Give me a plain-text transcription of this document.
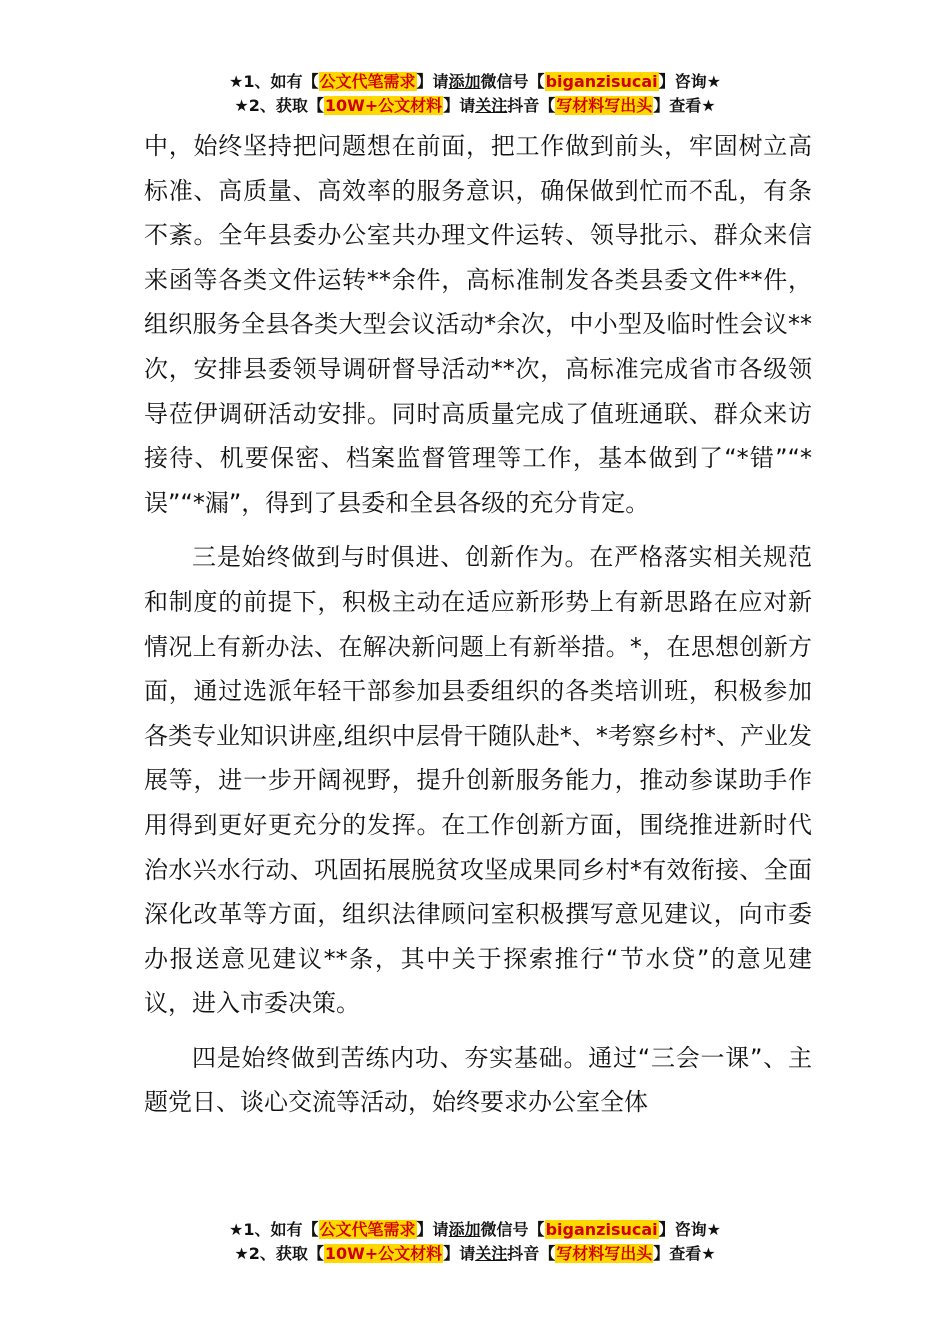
★1、如有【公文代笔需求】请添加微信号【biganzisucai】咨询★
★2、获取【10W+公文材料】请关注抖音【写材料写出头】查看★

中，始终坚持把问题想在前面，把工作做到前头，牢固树立高标准、高质量、高效率的服务意识，确保做到忙而不乱，有条不紊。全年县委办公室共办理文件运转、领导批示、群众来信来函等各类文件运转**余件，高标准制发各类县委文件**件，组织服务全县各类大型会议活动*余次，中小型及临时性会议**次，安排县委领导调研督导活动**次，高标准完成省市各级领导莅伊调研活动安排。同时高质量完成了值班通联、群众来访接待、机要保密、档案监督管理等工作，基本做到了“*错”“*误”“*漏”，得到了县委和全县各级的充分肯定。

三是始终做到与时俱进、创新作为。在严格落实相关规范和制度的前提下，积极主动在适应新形势上有新思路在应对新情况上有新办法、在解决新问题上有新举措。*，在思想创新方面，通过选派年轻干部参加县委组织的各类培训班，积极参加各类专业知识讲座,组织中层骨干随队赴*、*考察乡村*、产业发展等，进一步开阔视野，提升创新服务能力，推动参谋助手作用得到更好更充分的发挥。在工作创新方面，围绕推进新时代治水兴水行动、巩固拓展脱贫攻坚成果同乡村*有效衔接、全面深化改革等方面，组织法律顾问室积极撰写意见建议，向市委办报送意见建议**条，其中关于探索推行“节水贷”的意见建议，进入市委决策。

四是始终做到苦练内功、夯实基础。通过“三会一课”、主题党日、谈心交流等活动，始终要求办公室全体

★1、如有【公文代笔需求】请添加微信号【biganzisucai】咨询★
★2、获取【10W+公文材料】请关注抖音【写材料写出头】查看★
